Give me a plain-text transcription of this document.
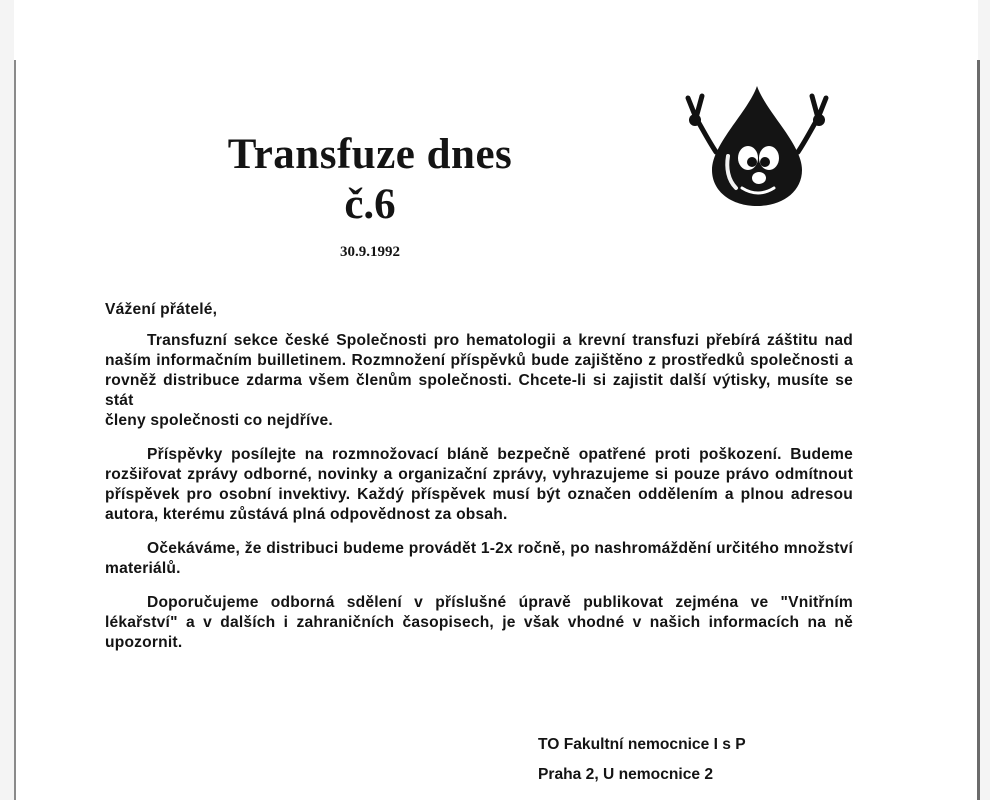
Transfuze dnes
č.6
30.9.1992

Vážení přátelé,

Transfuzní sekce české Společnosti pro hematologii a krevní transfuzi přebírá záštitu nad naším informačním builletinem. Rozmnožení příspěvků bude zajištěno z prostředků společnosti a rovněž distribuce zdarma všem členům společnosti. Chcete-li si zajistit další výtisky, musíte se stát

členy společnosti co nejdříve.

Příspěvky posílejte na rozmnožovací bláně bezpečně opatřené proti poškození. Budeme rozšiřovat zprávy odborné, novinky a organizační zprávy, vyhrazujeme si pouze právo odmítnout příspěvek pro osobní invektivy. Každý příspěvek musí být označen oddělením a plnou adresou autora, kterému zůstává plná odpovědnost za obsah.

Očekáváme, že distribuci budeme provádět 1-2x ročně, po nashromáždění určitého množství materiálů.

Doporučujeme odborná sdělení v příslušné úpravě publikovat zejména ve "Vnitřním lékařství" a v dalších i zahraničních časopisech, je však vhodné v našich informacích na ně upozornit.

TO Fakultní nemocnice I s P
Praha 2, U nemocnice 2
